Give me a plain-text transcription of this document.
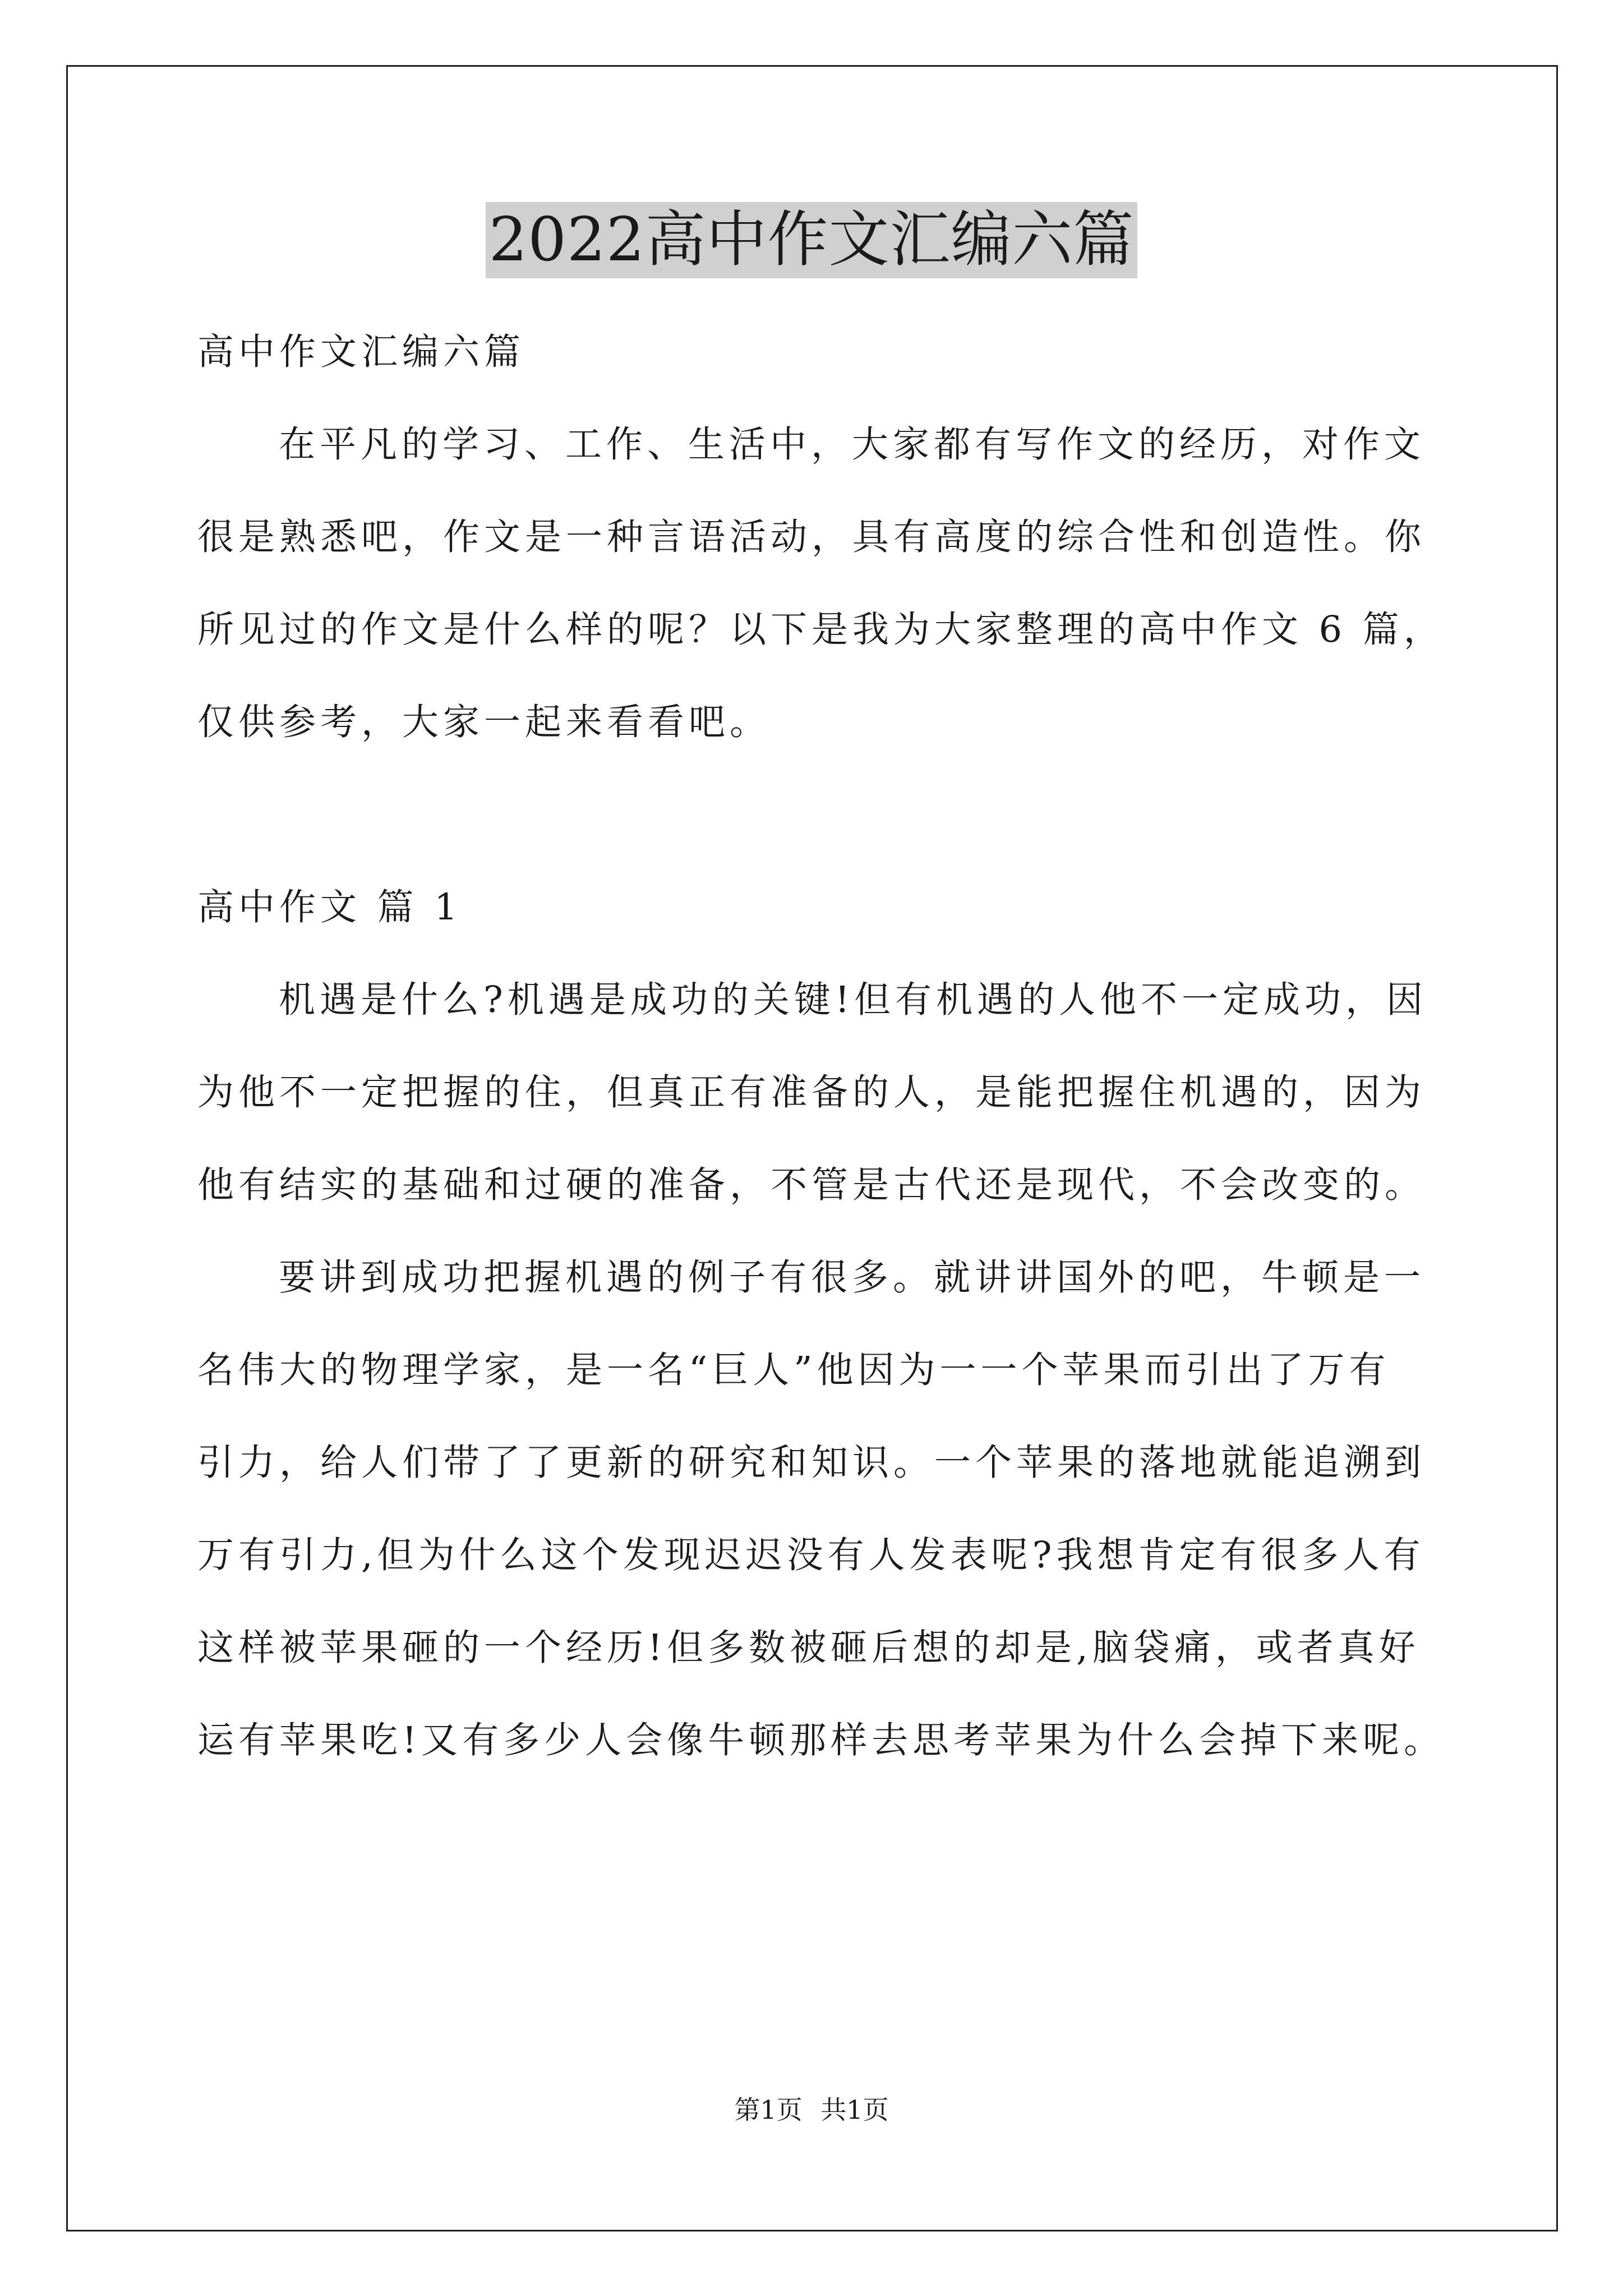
2022高中作文汇编六篇
高中作文汇编六篇
在平凡的学习、工作、生活中，大家都有写作文的经历，对作文
很是熟悉吧，作文是一种言语活动，具有高度的综合性和创造性。你
所见过的作文是什么样的呢？以下是我为大家整理的高中作文 6 篇，
仅供参考，大家一起来看看吧。
高中作文 篇 1
机遇是什么?机遇是成功的关键!但有机遇的人他不一定成功，因
为他不一定把握的住，但真正有准备的人，是能把握住机遇的，因为
他有结实的基础和过硬的准备，不管是古代还是现代，不会改变的。
要讲到成功把握机遇的例子有很多。就讲讲国外的吧，牛顿是一
名伟大的物理学家，是一名“巨人”他因为一一个苹果而引出了万有
引力，给人们带了了更新的研究和知识。一个苹果的落地就能追溯到
万有引力,但为什么这个发现迟迟没有人发表呢?我想肯定有很多人有
这样被苹果砸的一个经历!但多数被砸后想的却是,脑袋痛，或者真好
运有苹果吃!又有多少人会像牛顿那样去思考苹果为什么会掉下来呢。
第1页 共1页
